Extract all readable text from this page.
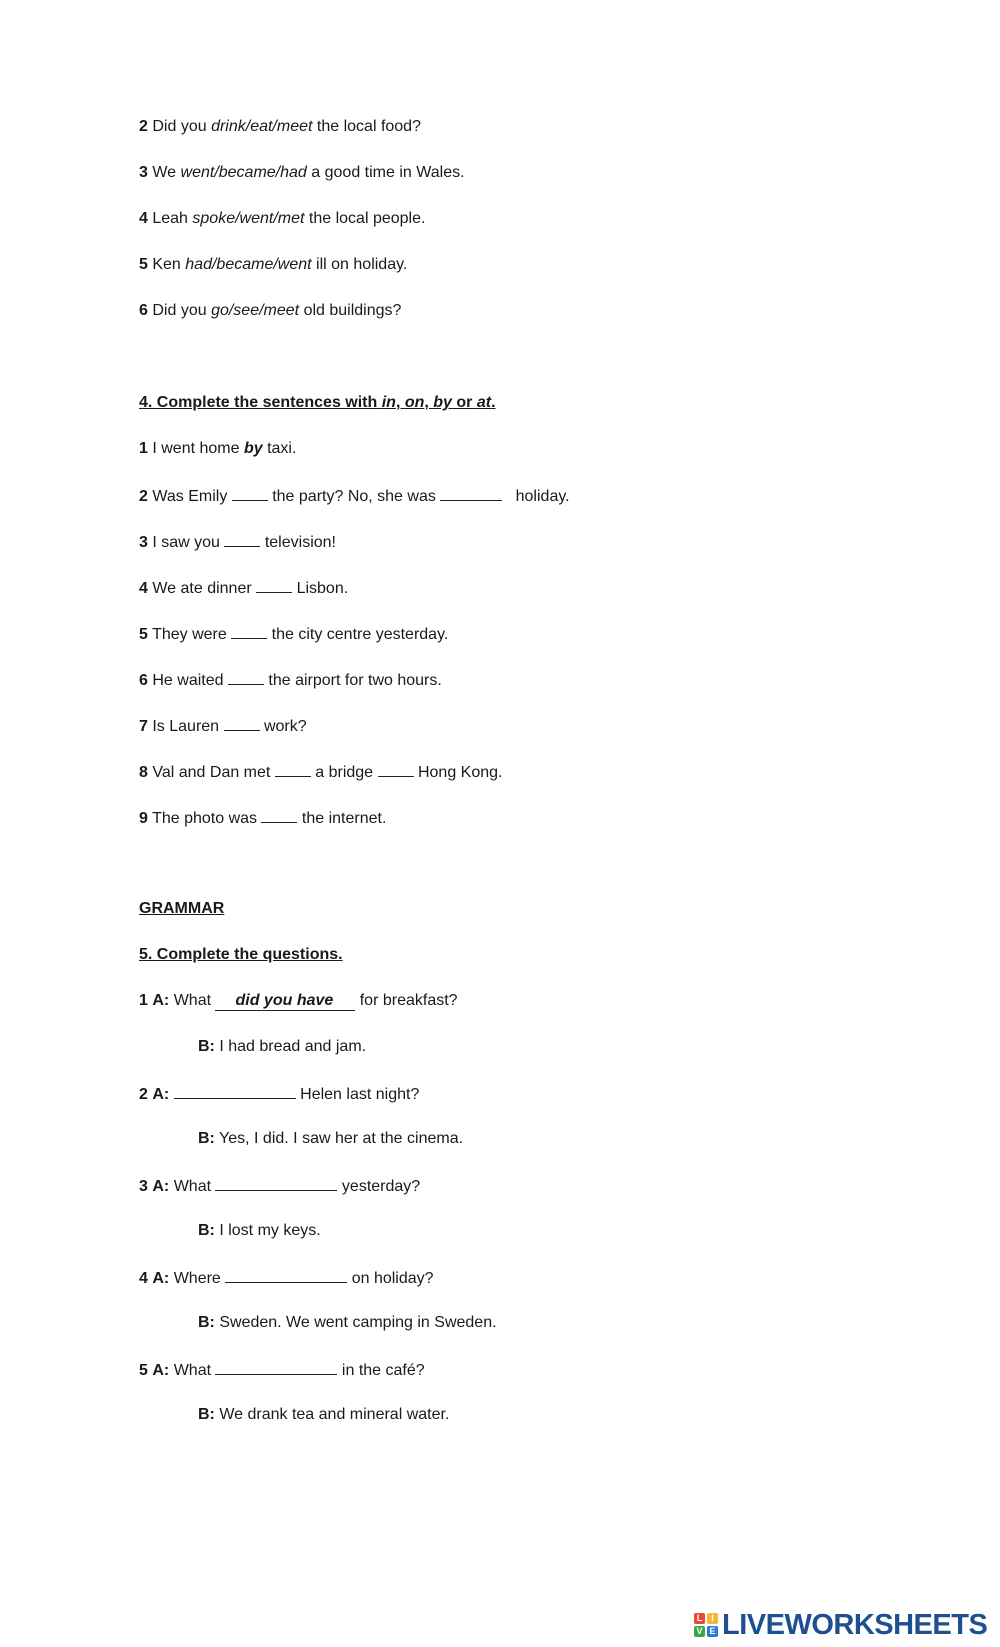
2 Did you drink/eat/meet the local food?
3 We went/became/had a good time in Wales.
4 Leah spoke/went/met the local people.
5 Ken had/became/went ill on holiday.
6 Did you go/see/meet old buildings?
4. Complete the sentences with in, on, by or at.
1 I went home by taxi.
2 Was Emily  the party? No, she was	holiday.
3 I saw you  television!
4 We ate dinner  Lisbon.
5 They were  the city centre yesterday.
6 He waited  the airport for two hours.
7 Is Lauren  work?
8 Val and Dan met  a bridge  Hong Kong.
9 The photo was  the internet.
GRAMMAR
5. Complete the questions.
1 A: What did you have for breakfast?
B: I had bread and jam.
2 A:	Helen last night?
B: Yes, I did. I saw her at the cinema.
3 A: What	yesterday?
B: I lost my keys.
4 A: Where	on holiday?
B: Sweden. We went camping in Sweden.
5 A: What	in the café?
B: We drank tea and mineral water.
L I
V E LIVEWORKSHEETS
